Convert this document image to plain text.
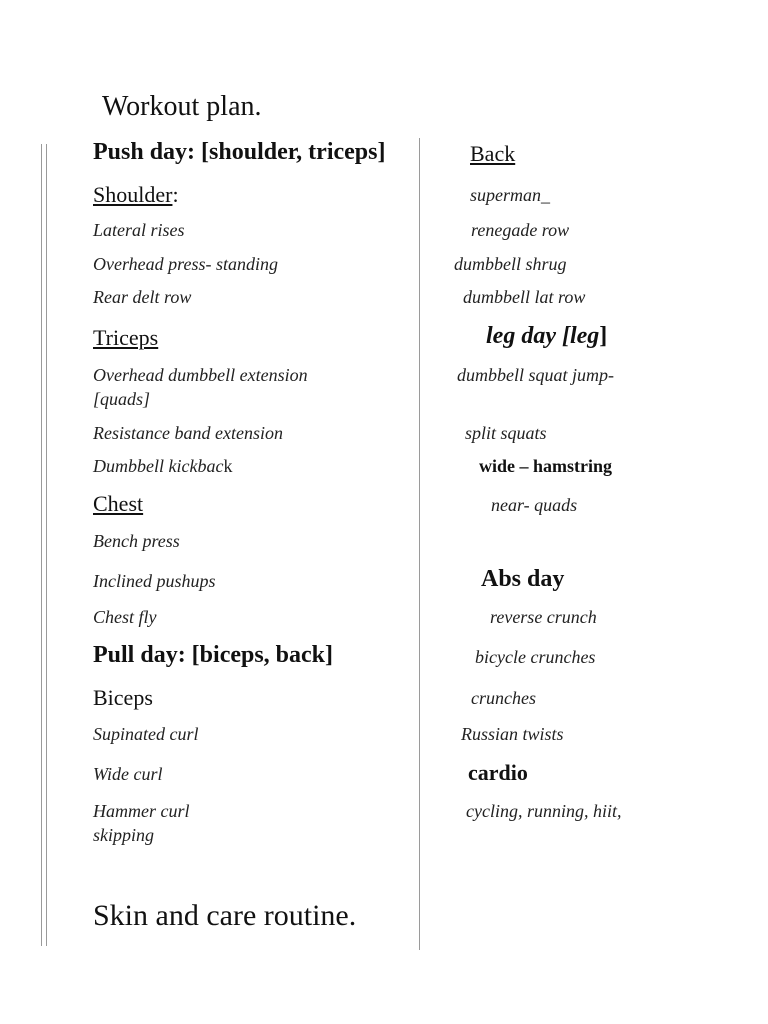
Workout plan.
Push day: [shoulder, triceps]
Shoulder:
Lateral rises
Overhead press- standing
Rear delt row
Triceps
Overhead dumbbell extension
[quads]
Resistance band extension
Dumbbell kickback
Chest
Bench press
Inclined pushups
Chest fly
Pull day: [biceps, back]
Biceps
Supinated curl
Wide curl
Hammer curl
skipping
Skin and care routine.
Back
superman_
renegade row
dumbbell shrug
dumbbell lat row
leg day [leg]
dumbbell squat jump-
split squats
wide – hamstring
near- quads
Abs day
reverse crunch
bicycle crunches
crunches
Russian twists
cardio
cycling, running, hiit,
